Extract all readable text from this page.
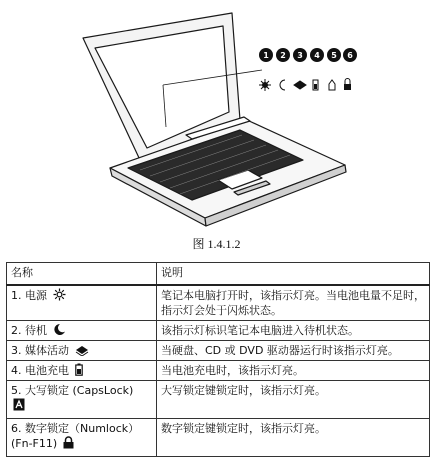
1 2 3 4 5 6
图 1.4.1.2
名称	说明
1. 电源	笔记本电脑打开时，该指示灯亮。当电池电量不足时，指示灯会处于闪烁状态。
2. 待机	该指示灯标识笔记本电脑进入待机状态。
3. 媒体活动	当硬盘、CD 或 DVD 驱动器运行时该指示灯亮。
4. 电池充电	当电池充电时，该指示灯亮。
5. 大写锁定 (CapsLock)	大写锁定键锁定时，该指示灯亮。
6. 数字锁定（Numlock）(Fn-F11)	数字锁定键锁定时，该指示灯亮。
